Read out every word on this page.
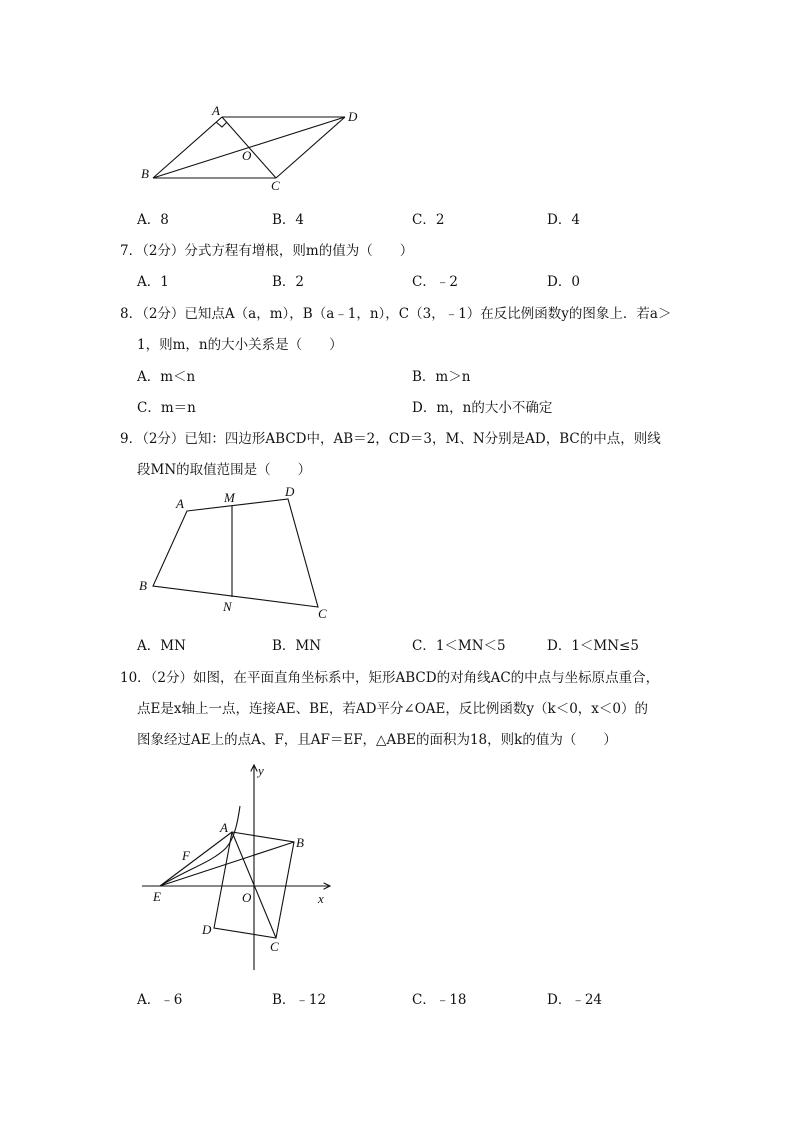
A	D
O
B
C
A．8	B．4	C．2	D．4
7．（2分）分式方程有增根，则m的值为（　　）
A．1	B．2	C．﹣2	D．0
8．（2分）已知点A（a，m），B（a﹣1，n），C（3，﹣1）在反比例函数y的图象上．若a＞
1，则m，n的大小关系是（　　）
A．m＜n	B．m＞n
C．m＝n	D．m，n的大小不确定
9．（2分）已知：四边形ABCD中，AB＝2，CD＝3，M、N分别是AD，BC的中点，则线
段MN的取值范围是（　　）
A	M	D
B
N	C
A．MN	B．MN	C．1＜MN＜5	D．1＜MN≤5
10．（2分）如图，在平面直角坐标系中，矩形ABCD的对角线AC的中点与坐标原点重合，
点E是x轴上一点，连接AE、BE，若AD平分∠OAE，反比例函数y（k＜0，x＜0）的
图象经过AE上的点A、F，且AF＝EF，△ABE的面积为18，则k的值为（　　）
y
x
A
B
F
E	O
D
C
A．﹣6	B．﹣12	C．﹣18	D．﹣24
